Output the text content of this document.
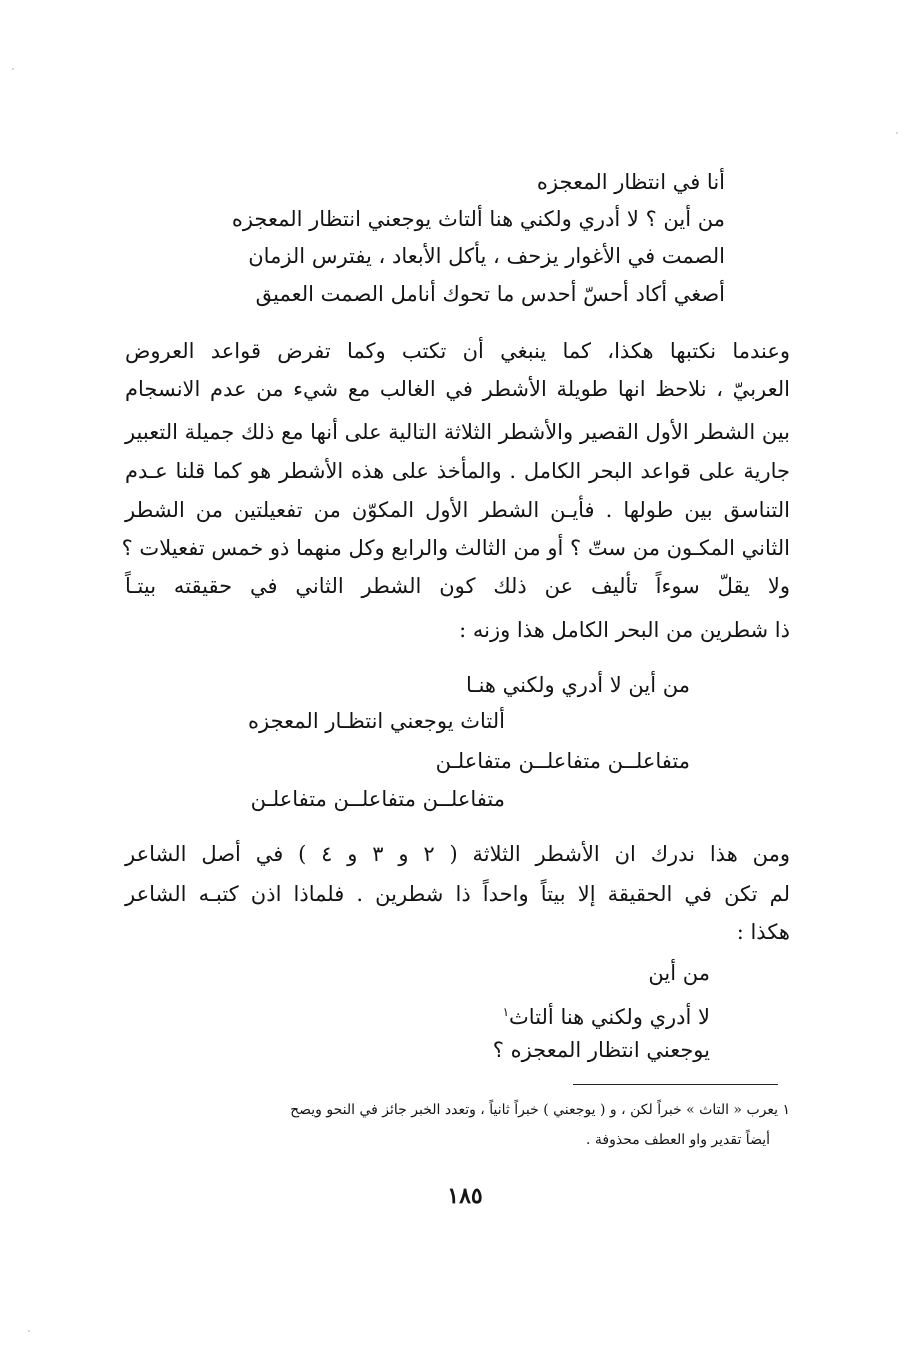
أنا في انتظار المعجزه
من أين ؟ لا أدري ولكني هنا ألتاث يوجعني انتظار المعجزه
الصمت في الأغوار يزحف ، يأكل الأبعاد ، يفترس الزمان
أصغي أكاد أحسّ أحدس ما تحوك أنامل الصمت العميق
وعندما نكتبها هكذا، كما ينبغي أن تكتب وكما تفرض قواعد العروض
العربيّ ، نلاحظ انها طويلة الأشطر في الغالب مع شيء من عدم الانسجام
بين الشطر الأول القصير والأشطر الثلاثة التالية على أنها مع ذلك جميلة التعبير
جارية على قواعد البحر الكامل . والمأخذ على هذه الأشطر هو كما قلنا عـدم
التناسق بين طولها . فأيـن الشطر الأول المكوّن من تفعيلتين من الشطر
الثاني المكـون من ستّ ؟ أو من الثالث والرابع وكل منهما ذو خمس تفعيلات ؟
ولا يقلّ سوءاً تأليف عن ذلك كون الشطر الثاني في حقيقته بيتـاً
ذا شطرين من البحر الكامل هذا وزنه :
من أين لا أدري ولكني هنـا
ألتاث يوجعني انتظـار المعجزه
متفاعلــن متفاعلــن متفاعلـن
متفاعلــن متفاعلــن متفاعلـن
ومن هذا ندرك ان الأشطر الثلاثة ( ٢ و ٣ و ٤ ) في أصل الشاعر
لم تكن في الحقيقة إلا بيتاً واحداً ذا شطرين . فلماذا اذن كتبـه الشاعر
هكذا :
من أين
لا أدري ولكني هنا ألتاث$^١$
يوجعني انتظار المعجزه ؟
١ يعرب « التاث » خبراً لكن ، و ( يوجعني ) خبراً ثانياً ، وتعدد الخبر جائز في النحو ويصح
أيضاً تقدير واو العطف محذوفة .
١٨٥
